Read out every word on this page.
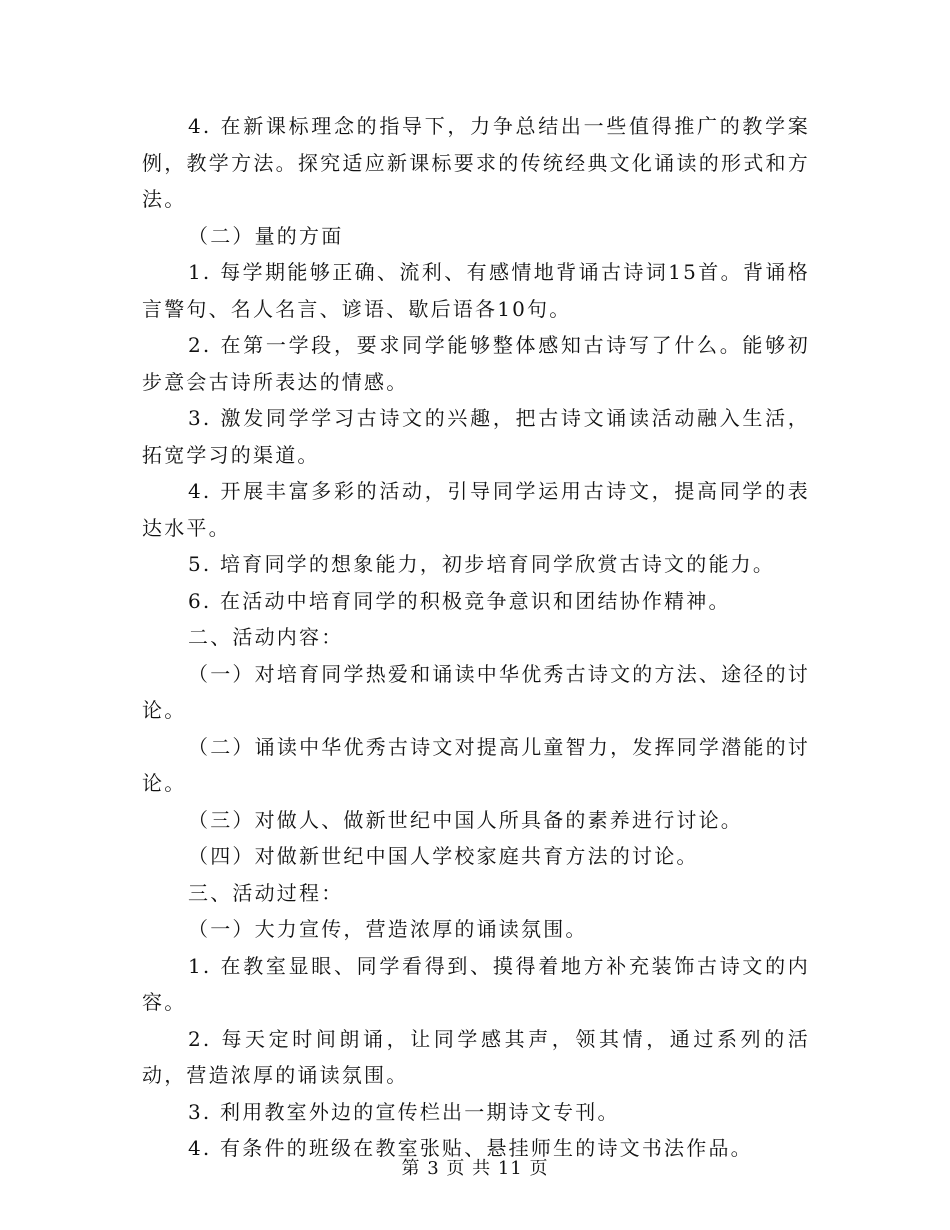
4. 在新课标理念的指导下，力争总结出一些值得推广的教学案例，教学方法。探究适应新课标要求的传统经典文化诵读的形式和方法。

（二）量的方面

1. 每学期能够正确、流利、有感情地背诵古诗词15首。背诵格言警句、名人名言、谚语、歇后语各10句。

2. 在第一学段，要求同学能够整体感知古诗写了什么。能够初步意会古诗所表达的情感。

3. 激发同学学习古诗文的兴趣，把古诗文诵读活动融入生活，拓宽学习的渠道。

4. 开展丰富多彩的活动，引导同学运用古诗文，提高同学的表达水平。

5. 培育同学的想象能力，初步培育同学欣赏古诗文的能力。

6. 在活动中培育同学的积极竞争意识和团结协作精神。

二、活动内容：

（一）对培育同学热爱和诵读中华优秀古诗文的方法、途径的讨论。

（二）诵读中华优秀古诗文对提高儿童智力，发挥同学潜能的讨论。

（三）对做人、做新世纪中国人所具备的素养进行讨论。

（四）对做新世纪中国人学校家庭共育方法的讨论。

三、活动过程：

（一）大力宣传，营造浓厚的诵读氛围。

1. 在教室显眼、同学看得到、摸得着地方补充装饰古诗文的内容。

2. 每天定时间朗诵，让同学感其声，领其情，通过系列的活动，营造浓厚的诵读氛围。

3. 利用教室外边的宣传栏出一期诗文专刊。

4. 有条件的班级在教室张贴、悬挂师生的诗文书法作品。

第 3 页 共 11 页
